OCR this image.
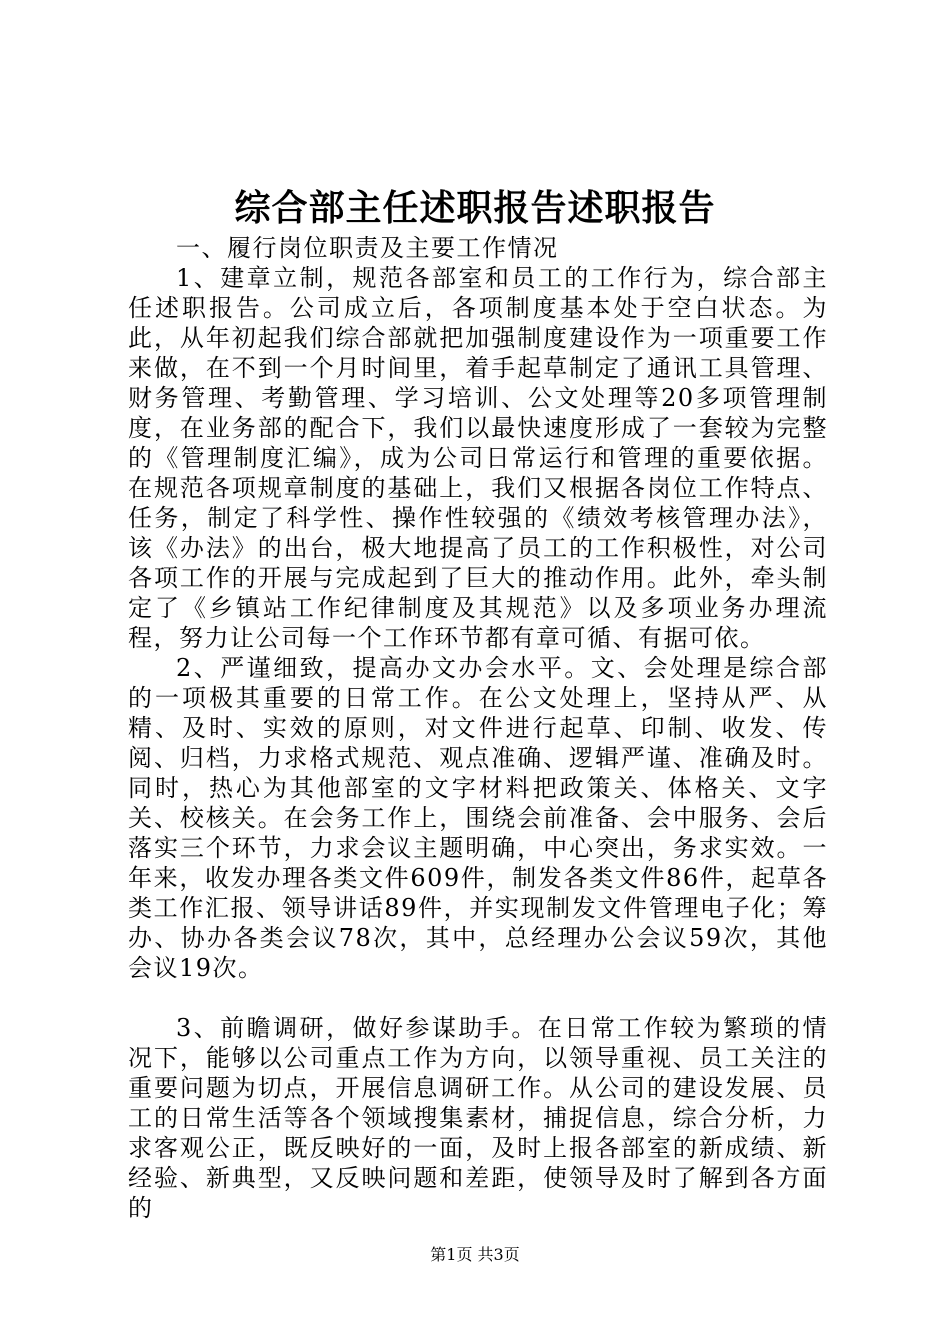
综合部主任述职报告述职报告

一、履行岗位职责及主要工作情况

1、建章立制，规范各部室和员工的工作行为，综合部主任述职报告。公司成立后，各项制度基本处于空白状态。为此，从年初起我们综合部就把加强制度建设作为一项重要工作来做，在不到一个月时间里，着手起草制定了通讯工具管理、财务管理、考勤管理、学习培训、公文处理等20多项管理制度，在业务部的配合下，我们以最快速度形成了一套较为完整的《管理制度汇编》，成为公司日常运行和管理的重要依据。在规范各项规章制度的基础上，我们又根据各岗位工作特点、任务，制定了科学性、操作性较强的《绩效考核管理办法》，该《办法》的出台，极大地提高了员工的工作积极性，对公司各项工作的开展与完成起到了巨大的推动作用。此外，牵头制定了《乡镇站工作纪律制度及其规范》以及多项业务办理流程，努力让公司每一个工作环节都有章可循、有据可依。

2、严谨细致，提高办文办会水平。文、会处理是综合部的一项极其重要的日常工作。在公文处理上，坚持从严、从精、及时、实效的原则，对文件进行起草、印制、收发、传阅、归档，力求格式规范、观点准确、逻辑严谨、准确及时。同时，热心为其他部室的文字材料把政策关、体格关、文字关、校核关。在会务工作上，围绕会前准备、会中服务、会后落实三个环节，力求会议主题明确，中心突出，务求实效。一年来，收发办理各类文件609件，制发各类文件86件，起草各类工作汇报、领导讲话89件，并实现制发文件管理电子化；筹办、协办各类会议78次，其中，总经理办公会议59次，其他会议19次。

3、前瞻调研，做好参谋助手。在日常工作较为繁琐的情况下，能够以公司重点工作为方向，以领导重视、员工关注的重要问题为切点，开展信息调研工作。从公司的建设发展、员工的日常生活等各个领域搜集素材，捕捉信息，综合分析，力求客观公正，既反映好的一面，及时上报各部室的新成绩、新经验、新典型，又反映问题和差距，使领导及时了解到各方面的

第1页 共3页
